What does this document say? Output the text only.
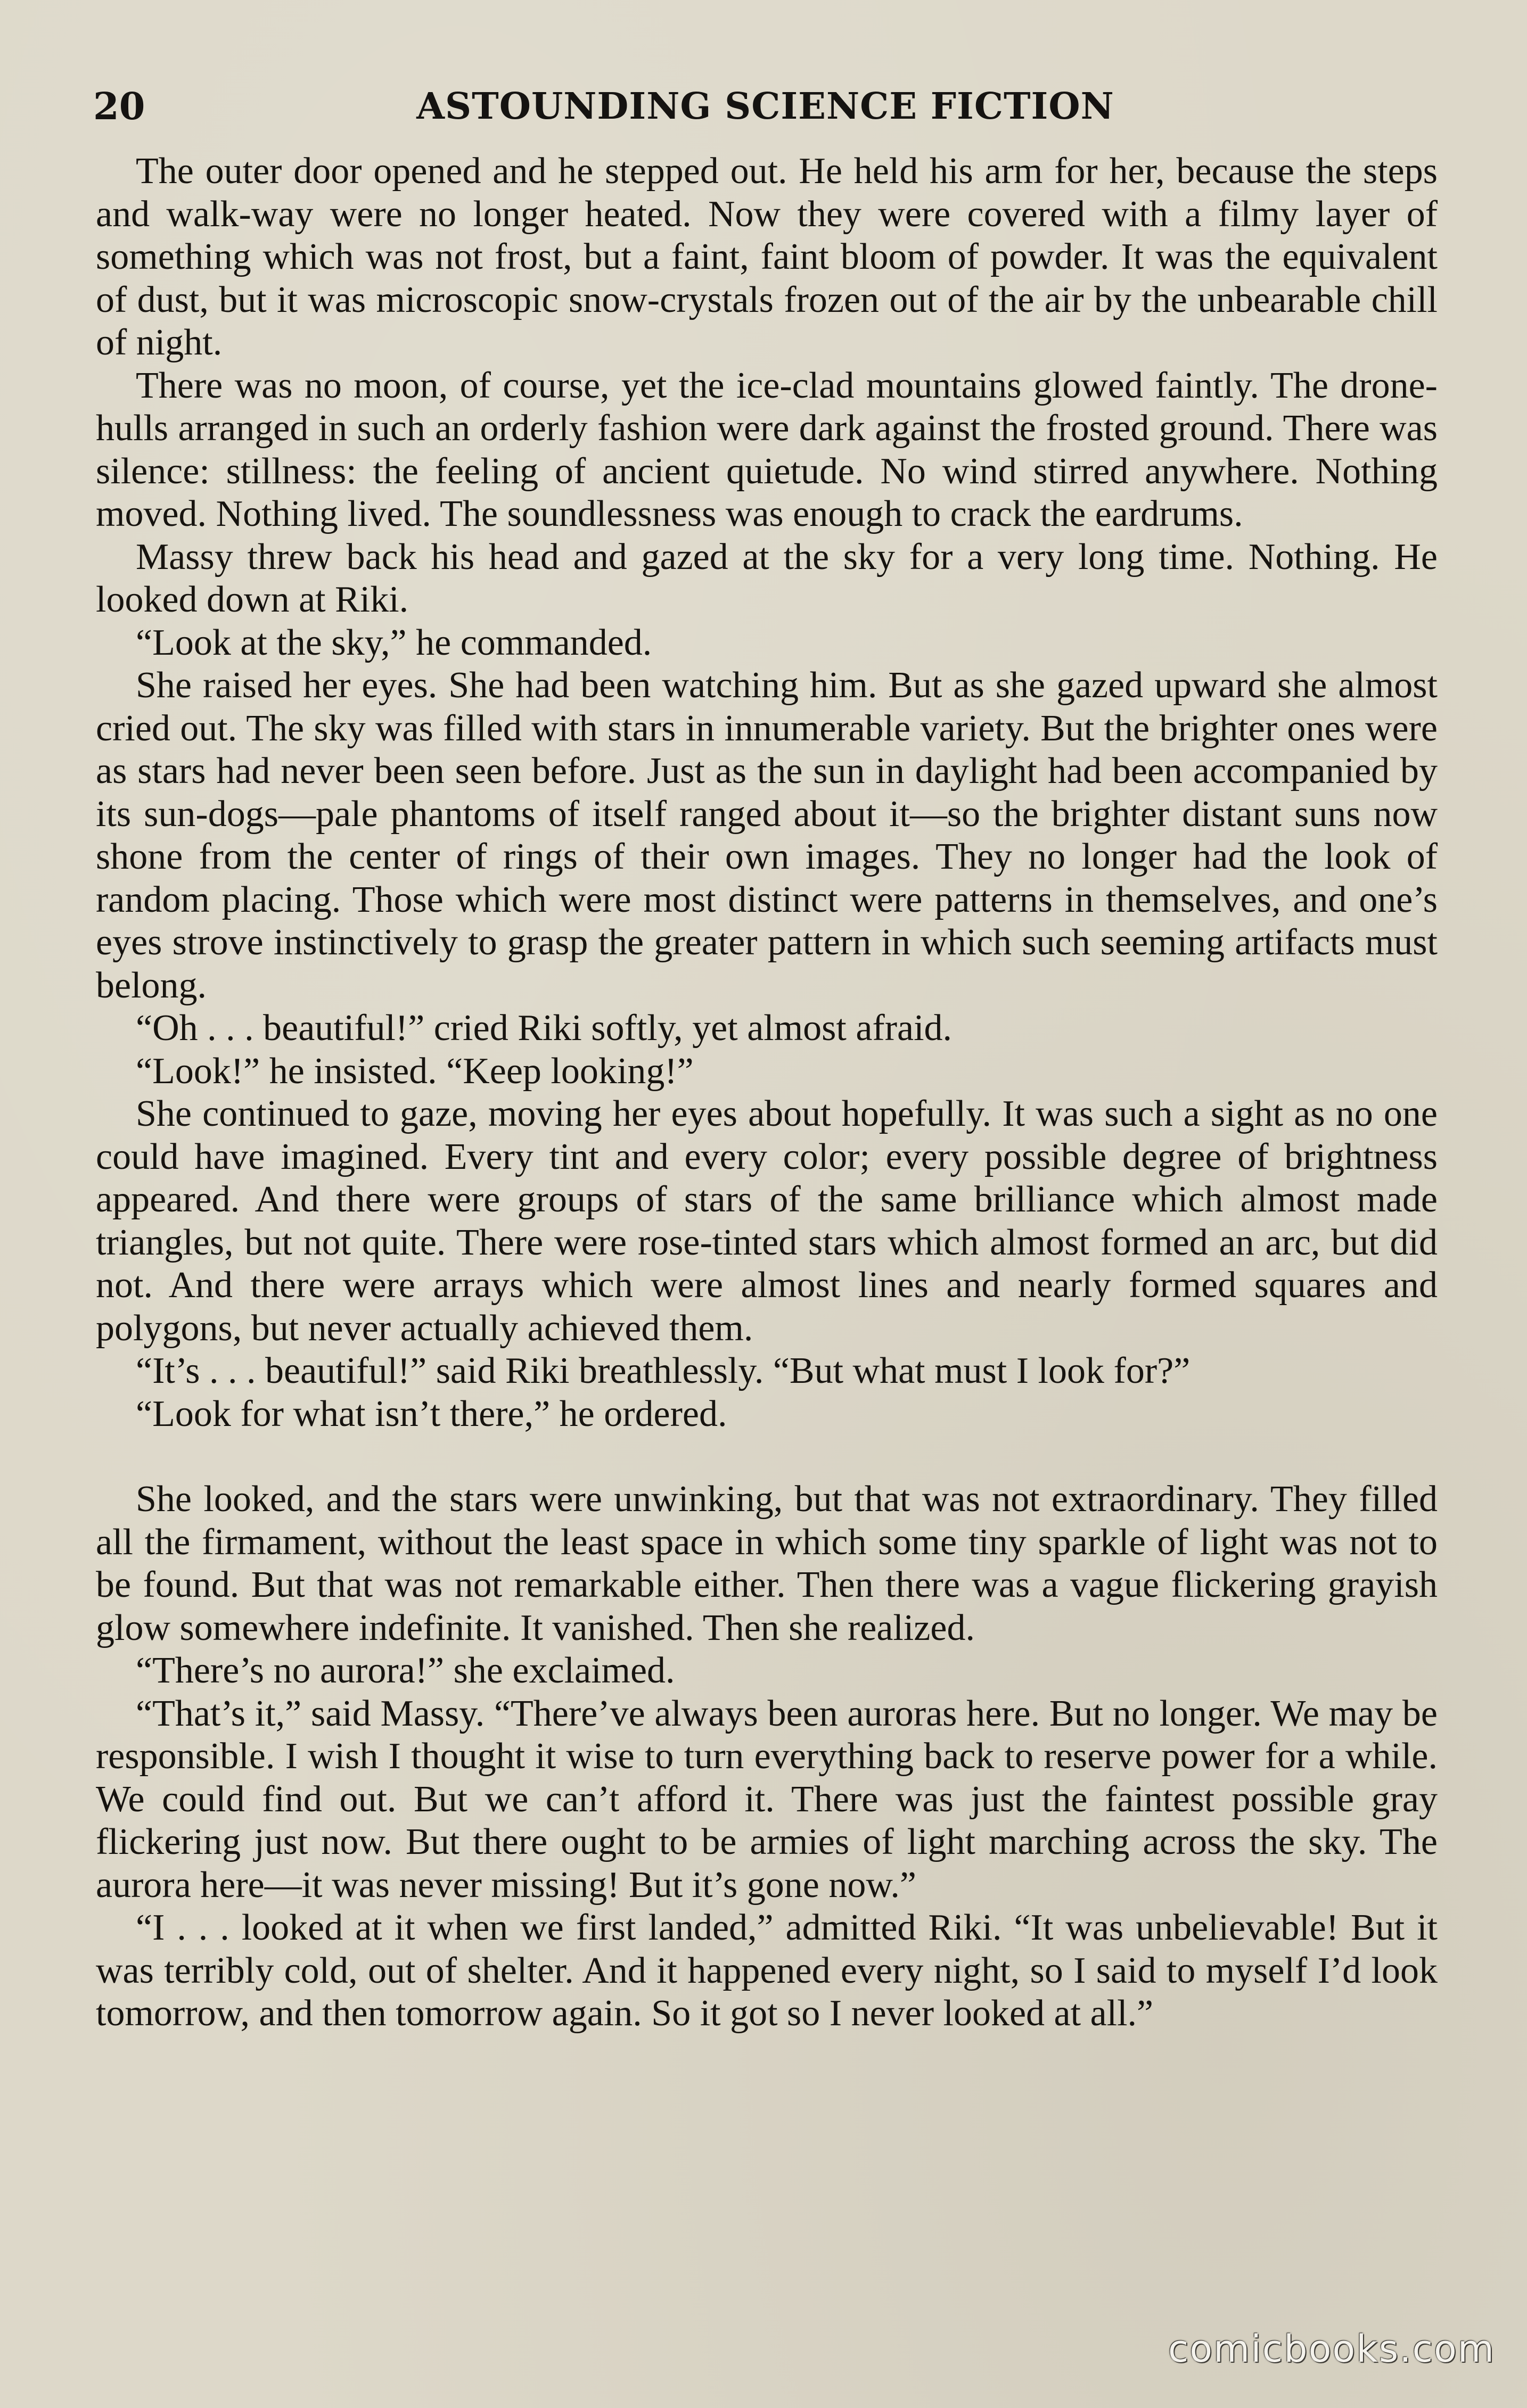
20	ASTOUNDING SCIENCE FICTION

The outer door opened and he stepped out. He held his arm for her, because the steps and walk-way were no longer heated. Now they were covered with a filmy layer of something which was not frost, but a faint, faint bloom of powder. It was the equivalent of dust, but it was microscopic snow-crystals frozen out of the air by the unbearable chill of night.

There was no moon, of course, yet the ice-clad mountains glowed faintly. The drone-hulls arranged in such an orderly fashion were dark against the frosted ground. There was silence: stillness: the feeling of ancient quietude. No wind stirred anywhere. Nothing moved. Nothing lived. The soundlessness was enough to crack the eardrums.

Massy threw back his head and gazed at the sky for a very long time. Nothing. He looked down at Riki.

“Look at the sky,” he commanded.

She raised her eyes. She had been watching him. But as she gazed upward she almost cried out. The sky was filled with stars in innumerable variety. But the brighter ones were as stars had never been seen before. Just as the sun in daylight had been accompanied by its sun-dogs—pale phantoms of itself ranged about it—so the brighter distant suns now shone from the center of rings of their own images. They no longer had the look of random placing. Those which were most distinct were patterns in themselves, and one’s eyes strove instinctively to grasp the greater pattern in which such seeming artifacts must belong.

“Oh . . . beautiful!” cried Riki softly, yet almost afraid.

“Look!” he insisted. “Keep looking!”

She continued to gaze, moving her eyes about hopefully. It was such a sight as no one could have imagined. Every tint and every color; every possible degree of brightness appeared. And there were groups of stars of the same brilliance which almost made triangles, but not quite. There were rose-tinted stars which almost formed an arc, but did not. And there were arrays which were almost lines and nearly formed squares and polygons, but never actually achieved them.

“It’s . . . beautiful!” said Riki breathlessly. “But what must I look for?”

“Look for what isn’t there,” he ordered.

She looked, and the stars were unwinking, but that was not extraordinary. They filled all the firmament, without the least space in which some tiny sparkle of light was not to be found. But that was not remarkable either. Then there was a vague flickering grayish glow somewhere indefinite. It vanished. Then she realized.

“There’s no aurora!” she exclaimed.

“That’s it,” said Massy. “There’ve always been auroras here. But no longer. We may be responsible. I wish I thought it wise to turn everything back to reserve power for a while. We could find out. But we can’t afford it. There was just the faintest possible gray flickering just now. But there ought to be armies of light marching across the sky. The aurora here—it was never missing! But it’s gone now.”

“I . . . looked at it when we first landed,” admitted Riki. “It was unbelievable! But it was terribly cold, out of shelter. And it happened every night, so I said to myself I’d look tomorrow, and then tomorrow again. So it got so I never looked at all.”

comicbooks.com
